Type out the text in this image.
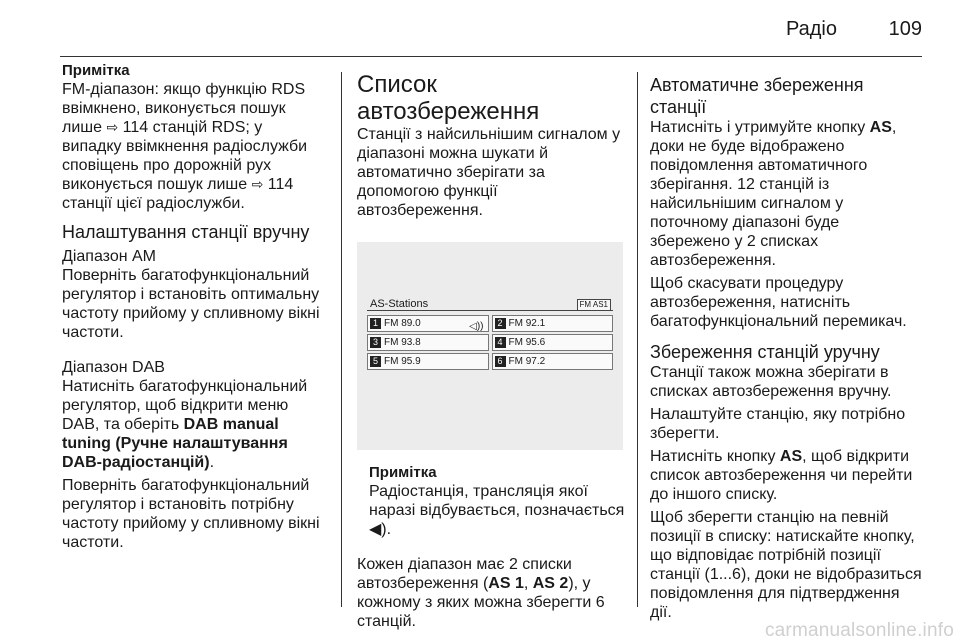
Радіо	109
Примітка
FM-діапазон: якщо функцію RDS ввімкнено, виконується пошук лише ⇨ 114 станцій RDS; у випадку ввімкнення радіослужби сповіщень про дорожній рух виконується пошук лише ⇨ 114 станції цієї радіослужби.
Налаштування станції вручну
Діапазон AM
Поверніть багатофункціональний регулятор і встановіть оптимальну частоту прийому у спливному вікні частоти.
Діапазон DAB
Натисніть багатофункціональний регулятор, щоб відкрити меню DAB, та оберіть DAB manual tuning (Ручне налаштування DAB-радіостанцій).

Поверніть багатофункціональний регулятор і встановіть потрібну частоту прийому у спливному вікні частоти.

Список автозбереження
Станції з найсильнішим сигналом у діапазоні можна шукати й автоматично зберігати за допомогою функції автозбереження.
AS-Stations	FM AS1
1 FM 89.0	◁))	2 FM 92.1
3 FM 93.8	4 FM 95.6
5 FM 95.9	6 FM 97.2
Примітка
Радіостанція, трансляція якої наразі відбувається, позначається ◀).

Кожен діапазон має 2 списки автозбереження (AS 1, AS 2), у кожному з яких можна зберегти 6 станцій.

Автоматичне збереження станції
Натисніть і утримуйте кнопку AS, доки не буде відображено повідомлення автоматичного зберігання. 12 станцій із найсильнішим сигналом у поточному діапазоні буде збережено у 2 списках автозбереження.

Щоб скасувати процедуру автозбереження, натисніть багатофункціональний перемикач.

Збереження станцій уручну
Станції також можна зберігати в списках автозбереження вручну.

Налаштуйте станцію, яку потрібно зберегти.

Натисніть кнопку AS, щоб відкрити список автозбереження чи перейти до іншого списку.

Щоб зберегти станцію на певній позиції в списку: натискайте кнопку, що відповідає потрібній позиції станції (1...6), доки не відобразиться повідомлення для підтвердження дії.

carmanualsonline.info
